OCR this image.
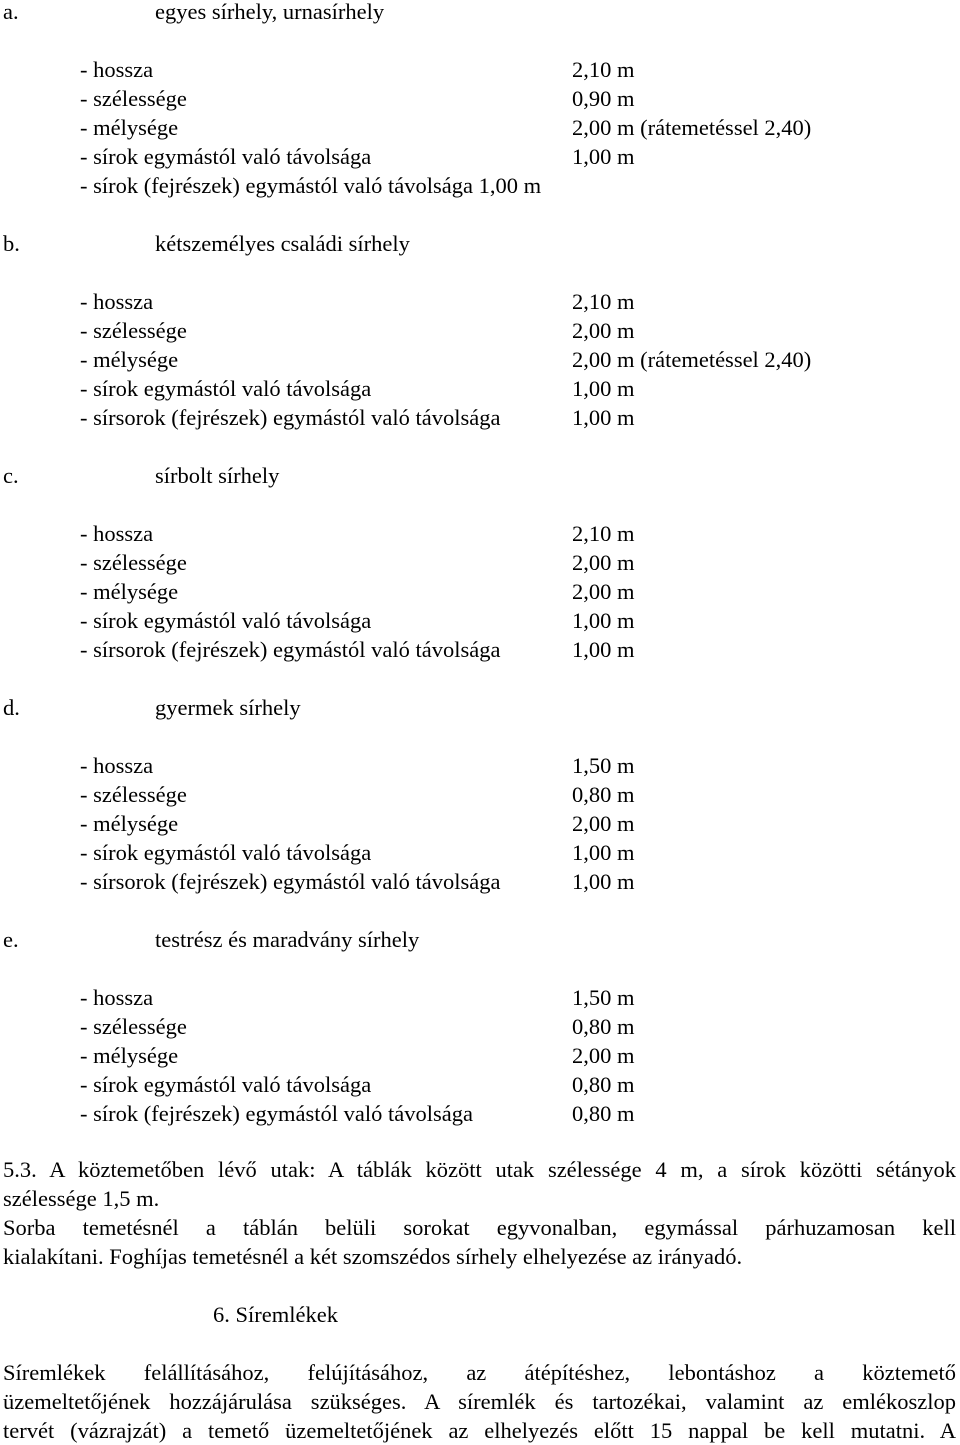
a.	egyes sírhely, urnasírhely
- hossza	2,10 m
- szélessége	0,90 m
- mélysége	2,00 m (rátemetéssel 2,40)
- sírok egymástól való távolsága	1,00 m
- sírok (fejrészek) egymástól való távolsága 1,00 m
b.	kétszemélyes családi sírhely
- hossza	2,10 m
- szélessége	2,00 m
- mélysége	2,00 m (rátemetéssel 2,40)
- sírok egymástól való távolsága	1,00 m
- sírsorok (fejrészek) egymástól való távolsága	1,00 m
c.	sírbolt sírhely
- hossza	2,10 m
- szélessége	2,00 m
- mélysége	2,00 m
- sírok egymástól való távolsága	1,00 m
- sírsorok (fejrészek) egymástól való távolsága	1,00 m
d.	gyermek sírhely
- hossza	1,50 m
- szélessége	0,80 m
- mélysége	2,00 m
- sírok egymástól való távolsága	1,00 m
- sírsorok (fejrészek) egymástól való távolsága	1,00 m
e.	testrész és maradvány sírhely
- hossza	1,50 m
- szélessége	0,80 m
- mélysége	2,00 m
- sírok egymástól való távolsága	0,80 m
- sírok (fejrészek) egymástól való távolsága	0,80 m
5.3. A köztemetőben lévő utak: A táblák között utak szélessége 4 m, a sírok közötti sétányok
szélessége 1,5 m.
Sorba temetésnél a táblán belüli sorokat egyvonalban, egymással párhuzamosan kell
kialakítani. Foghíjas temetésnél a két szomszédos sírhely elhelyezése az irányadó.
6. Síremlékek
Síremlékek felállításához, felújításához, az átépítéshez, lebontáshoz a köztemető
üzemeltetőjének hozzájárulása szükséges. A síremlék és tartozékai, valamint az emlékoszlop
tervét (vázrajzát) a temető üzemeltetőjének az elhelyezés előtt 15 nappal be kell mutatni. A
